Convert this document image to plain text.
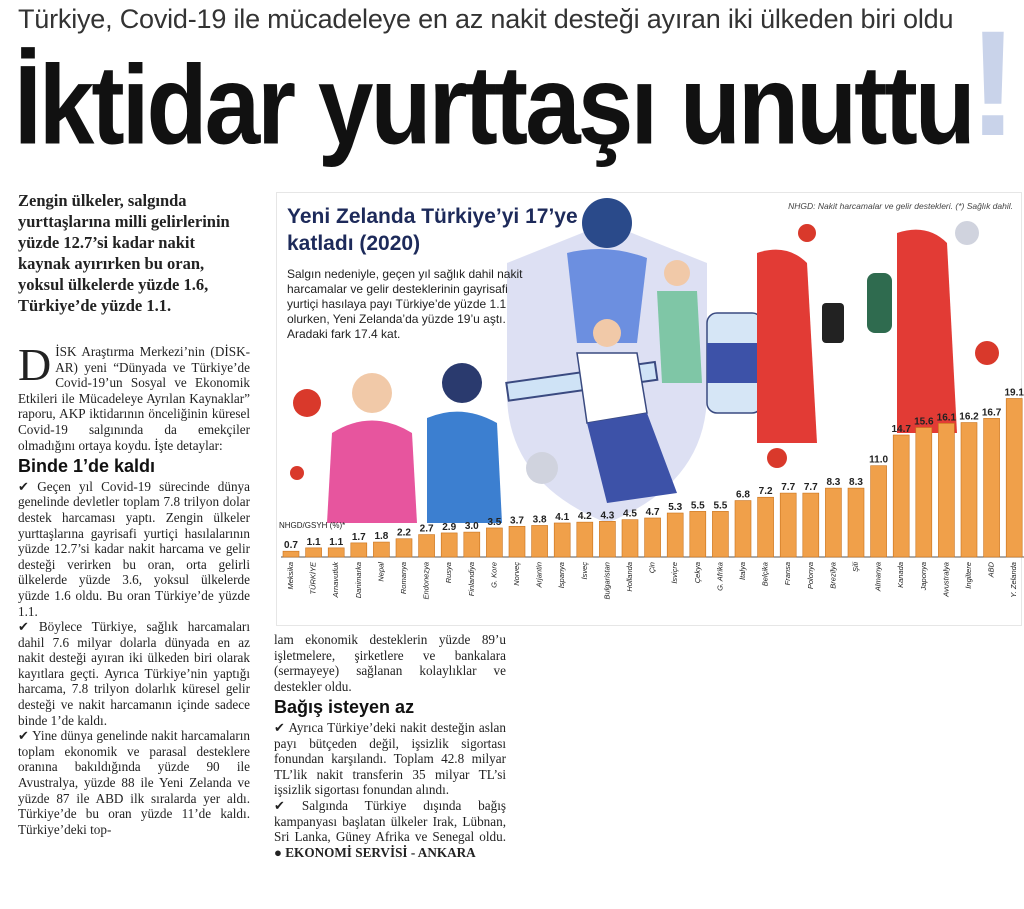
Türkiye, Covid-19 ile mücadeleye en az nakit desteği ayıran iki ülkeden biri oldu
İktidar yurttaşı unuttu
!
Zengin ülkeler, salgında yurttaşlarına milli gelirlerinin yüzde 12.7’si kadar nakit kaynak ayırırken bu oran, yoksul ülkelerde yüzde 1.6, Türkiye’de yüzde 1.1.

DİSK Araştırma Merkezi’nin (DİSK-AR) yeni “Dünyada ve Türkiye’de Covid-19’un Sosyal ve Ekonomik Etkileri ile Mücadeleye Ayrılan Kaynaklar” raporu, AKP iktidarının önceliğinin küresel Covid-19 salgınında da emekçiler olmadığını ortaya koydu. İşte detaylar:

Binde 1’de kaldı

✔ Geçen yıl Covid-19 sürecinde dünya genelinde devletler toplam 7.8 trilyon dolar destek harcaması yaptı. Zengin ülkeler yurttaşlarına gayrisafi yurtiçi hasılalarının yüzde 12.7’si kadar nakit harcama ve gelir desteği verirken bu oran, orta gelirli ülkelerde yüzde 3.6, yoksul ülkelerde yüzde 1.6 oldu. Bu oran Türkiye’de yüzde 1.1.

✔ Böylece Türkiye, sağlık harcamaları dahil 7.6 milyar dolarla dünyada en az nakit desteği ayıran iki ülkeden biri olarak kayıtlara geçti. Ayrıca Türkiye’nin yaptığı harcama, 7.8 trilyon dolarlık küresel gelir desteği ve nakit harcamanın içinde sadece binde 1’de kaldı.

✔ Yine dünya genelinde nakit harcamaların toplam ekonomik ve parasal desteklere oranına bakıldığında yüzde 90 ile Avustralya, yüzde 88 ile Yeni Zelanda ve yüzde 87 ile ABD ilk sıralarda yer aldı. Türkiye’de bu oran yüzde 11’de kaldı. Türkiye’deki top-

lam ekonomik desteklerin yüzde 89’u işletmelere, şirketlere ve bankalara (sermayeye) sağlanan kolaylıklar ve destekler oldu.

Bağış isteyen az

✔ Ayrıca Türkiye’deki nakit desteğin aslan payı bütçeden değil, işsizlik sigortası fonundan karşılandı. Toplam 42.8 milyar TL’lik nakit transferin 35 milyar TL’si işsizlik sigortası fonundan alındı.

✔ Salgında Türkiye dışında bağış kampanyası başlatan ülkeler Irak, Lübnan, Sri Lanka, Güney Afrika ve Senegal oldu. ● EKONOMİ SERVİSİ - ANKARA

0.7
Meksika
1.1
TÜRKİYE
1.1
Arnavutluk
1.7
Danimarka
1.8
Nepal
2.2
Romanya
2.7
Endonezya
2.9
Rusya
3.0
Finlandiya
3.5
G. Kore
3.7
Norveç
3.8
Arjantin
4.1
İspanya
4.2
İsveç
4.3
Bulgaristan
4.5
Hollanda
4.7
Çin
5.3
İsviçre
5.5
Çekya
5.5
G. Afrika
6.8
İtalya
7.2
Belçika
7.7
Fransa
7.7
Polonya
8.3
Brezilya
8.3
Şili
11.0
Almanya
14.7
Kanada
15.6
Japonya
16.1
Avustralya
16.2
İngiltere
16.7
ABD
19.1
Y. Zelanda
Yeni Zelanda Türkiye’yi 17’ye katladı (2020)
Salgın nedeniyle, geçen yıl sağlık dahil nakit harcamalar ve gelir desteklerinin gayrisafi yurtiçi hasılaya payı Türkiye’de yüzde 1.1 olurken, Yeni Zelanda’da yüzde 19’u aştı. Aradaki fark 17.4 kat.
NHGD: Nakit harcamalar ve gelir destekleri. (*) Sağlık dahil.
NHGD/GSYH (%)*
